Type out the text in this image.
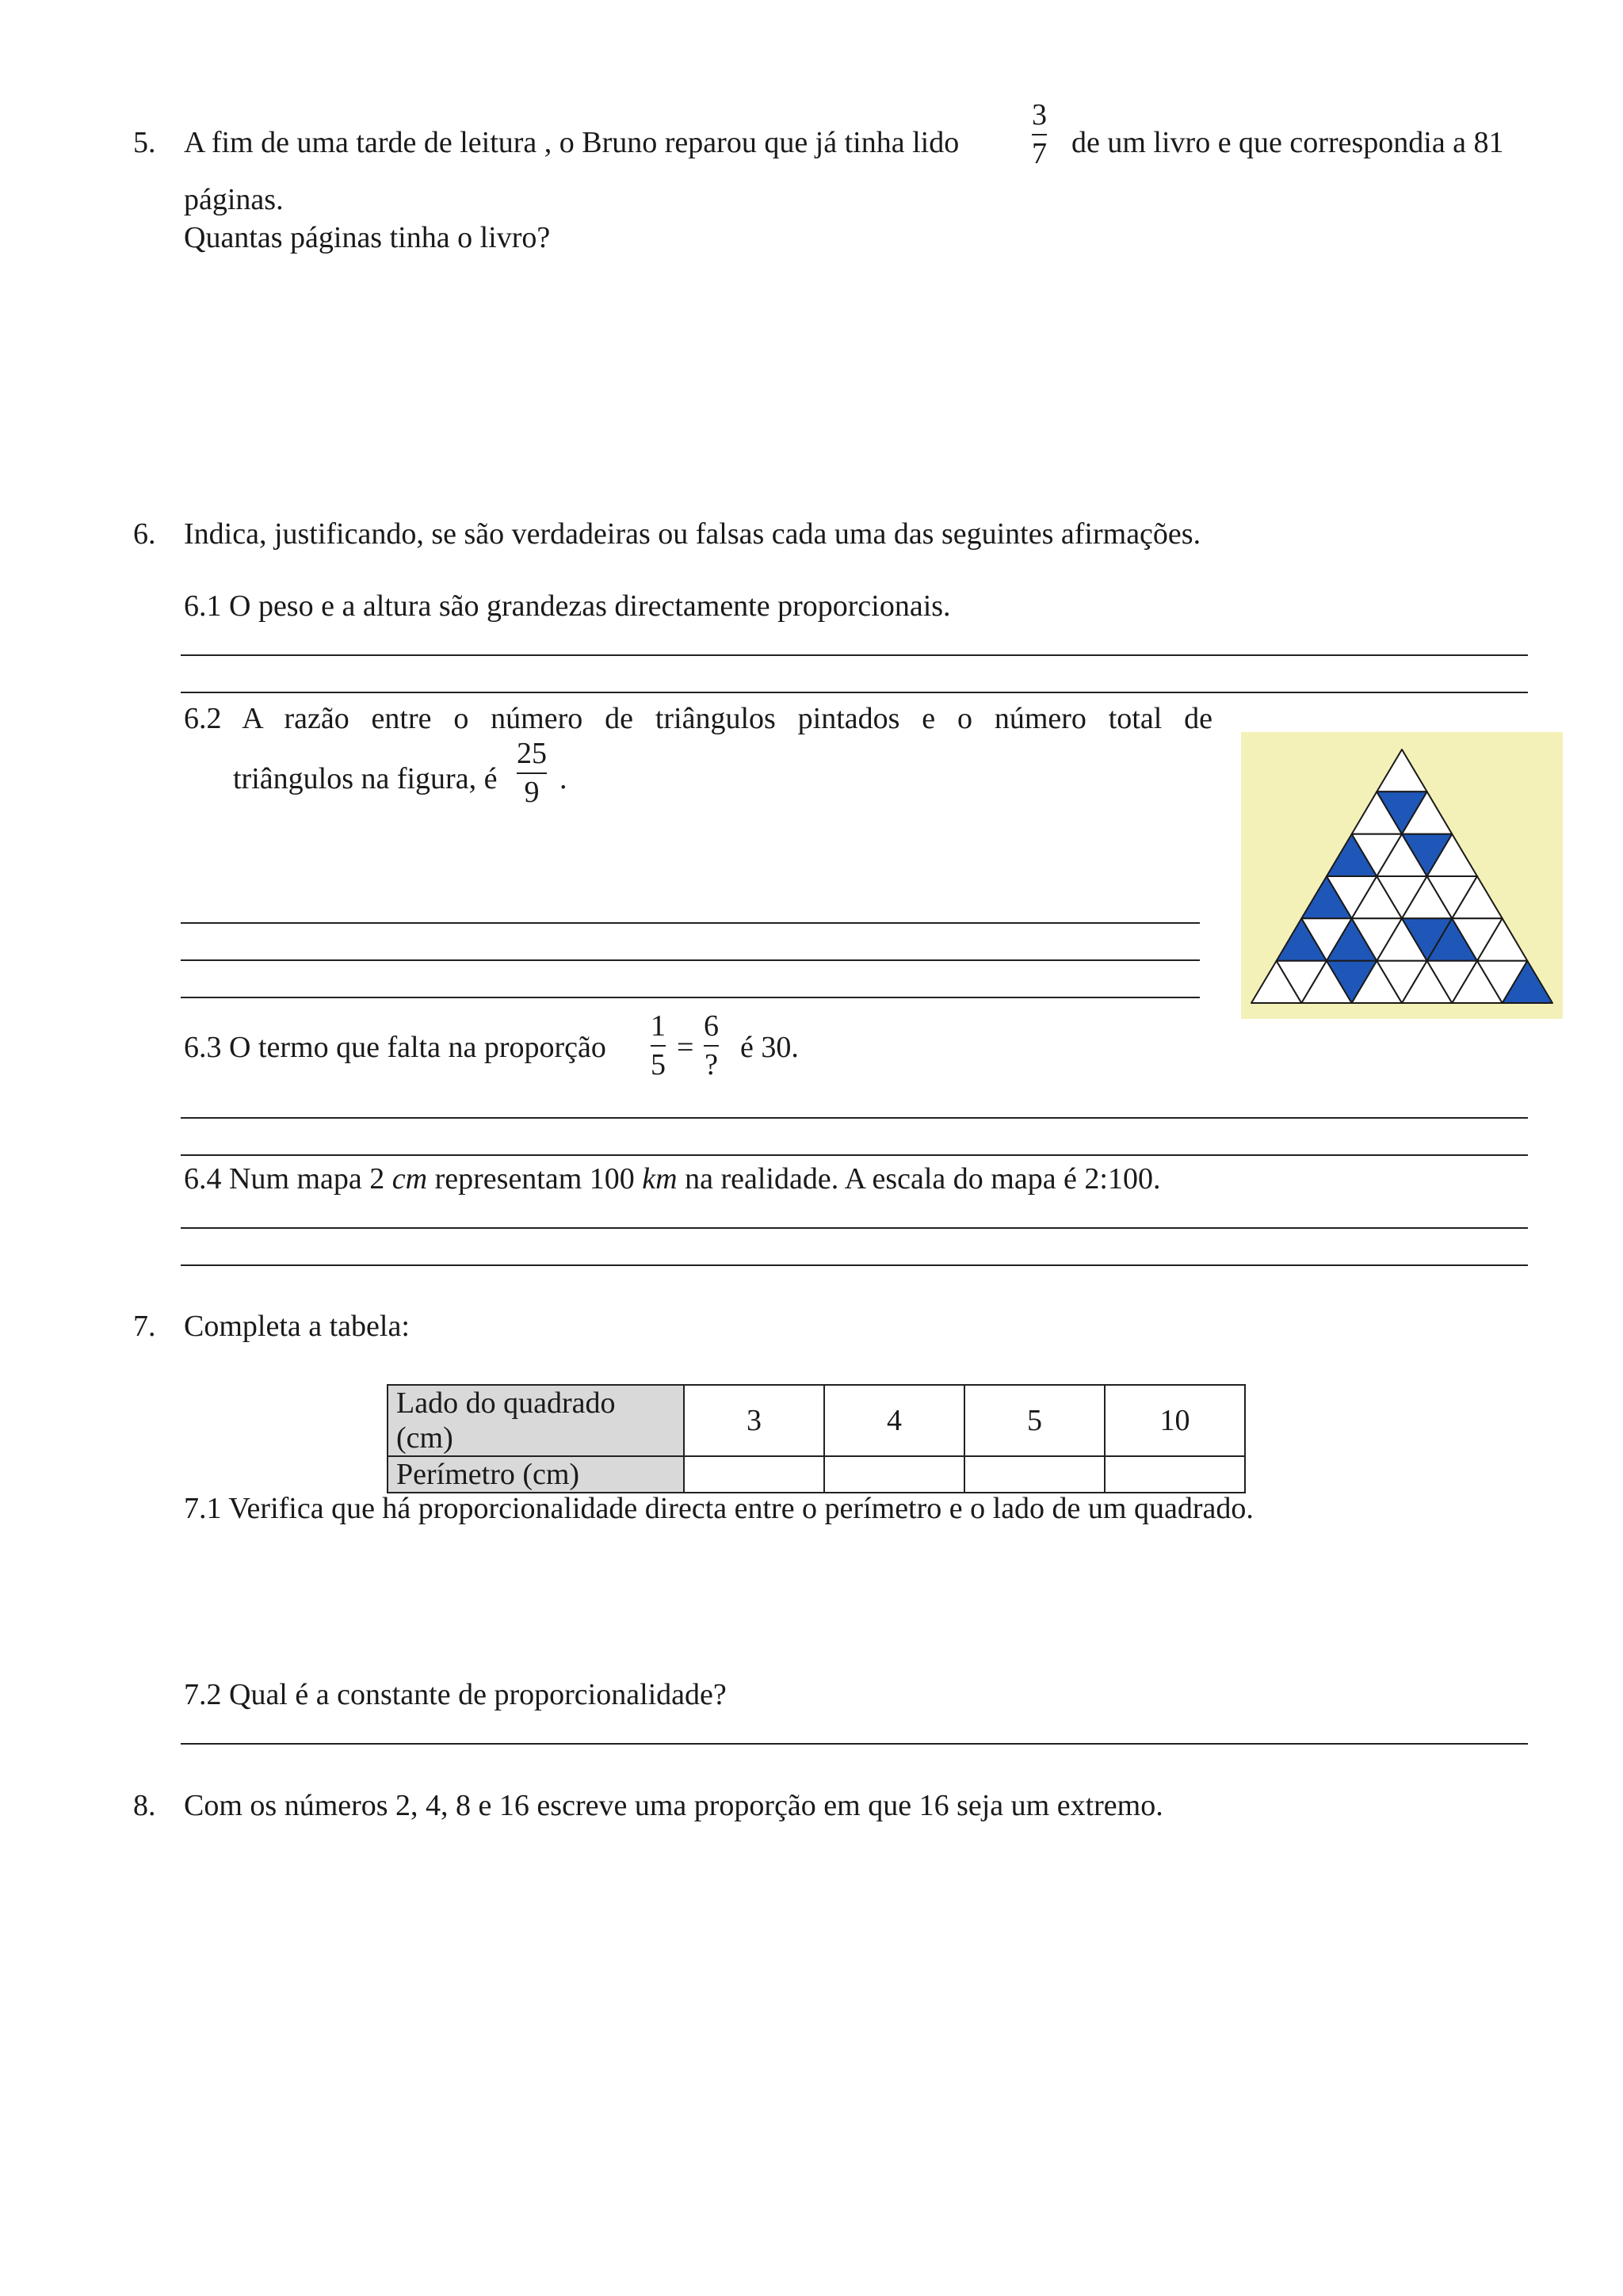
5. A fim de uma tarde de leitura , o Bruno reparou que já tinha lido
3
7 de um livro e que correspondia a 81
páginas.
Quantas páginas tinha o livro?
6. Indica, justificando, se são verdadeiras ou falsas cada uma das seguintes afirmações.
6.1 O peso e a altura são grandezas directamente proporcionais.
6.2 A razão entre o número de triângulos pintados e o número total de
triângulos na figura, é
25
9 .
6.3 O termo que falta na proporção
1
5
=
6
?
é 30.
6.4 Num mapa 2 cm representam 100 km na realidade. A escala do mapa é 2:100.
7. Completa a tabela:
Lado do quadrado (cm)	3	4	5	10
Perímetro (cm)				
7.1 Verifica que há proporcionalidade directa entre o perímetro e o lado de um quadrado.
7.2 Qual é a constante de proporcionalidade?
8. Com os números 2, 4, 8 e 16 escreve uma proporção em que 16 seja um extremo.
